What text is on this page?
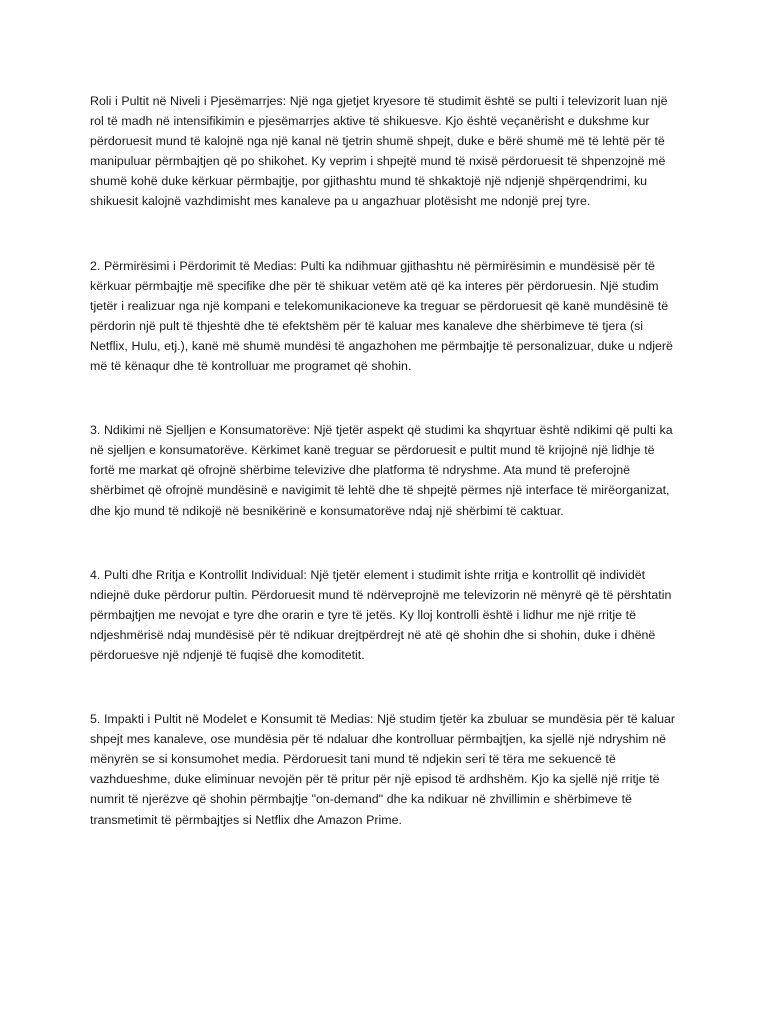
Roli i Pultit në Niveli i Pjesëmarrjes: Një nga gjetjet kryesore të studimit është se pulti i televizorit luan një rol të madh në intensifikimin e pjesëmarrjes aktive të shikuesve. Kjo është veçanërisht e dukshme kur përdoruesit mund të kalojnë nga një kanal në tjetrin shumë shpejt, duke e bërë shumë më të lehtë për të manipuluar përmbajtjen që po shikohet. Ky veprim i shpejtë mund të nxisë përdoruesit të shpenzojnë më shumë kohë duke kërkuar përmbajtje, por gjithashtu mund të shkaktojë një ndjenjë shpërqendrimi, ku shikuesit kalojnë vazhdimisht mes kanaleve pa u angazhuar plotësisht me ndonjë prej tyre.

2. Përmirësimi i Përdorimit të Medias: Pulti ka ndihmuar gjithashtu në përmirësimin e mundësisë për të kërkuar përmbajtje më specifike dhe për të shikuar vetëm atë që ka interes për përdoruesin. Një studim tjetër i realizuar nga një kompani e telekomunikacioneve ka treguar se përdoruesit që kanë mundësinë të përdorin një pult të thjeshtë dhe të efektshëm për të kaluar mes kanaleve dhe shërbimeve të tjera (si Netflix, Hulu, etj.), kanë më shumë mundësi të angazhohen me përmbajtje të personalizuar, duke u ndjerë më të kënaqur dhe të kontrolluar me programet që shohin.

3. Ndikimi në Sjelljen e Konsumatorëve: Një tjetër aspekt që studimi ka shqyrtuar është ndikimi që pulti ka në sjelljen e konsumatorëve. Kërkimet kanë treguar se përdoruesit e pultit mund të krijojnë një lidhje të fortë me markat që ofrojnë shërbime televizive dhe platforma të ndryshme. Ata mund të preferojnë shërbimet që ofrojnë mundësinë e navigimit të lehtë dhe të shpejtë përmes një interface të mirëorganizat, dhe kjo mund të ndikojë në besnikërinë e konsumatorëve ndaj një shërbimi të caktuar.

4. Pulti dhe Rritja e Kontrollit Individual: Një tjetër element i studimit ishte rritja e kontrollit që individët ndiejnë duke përdorur pultin. Përdoruesit mund të ndërveprojnë me televizorin në mënyrë që të përshtatin përmbajtjen me nevojat e tyre dhe orarin e tyre të jetës. Ky lloj kontrolli është i lidhur me një rritje të ndjeshmërisë ndaj mundësisë për të ndikuar drejtpërdrejt në atë që shohin dhe si shohin, duke i dhënë përdoruesve një ndjenjë të fuqisë dhe komoditetit.

5. Impakti i Pultit në Modelet e Konsumit të Medias: Një studim tjetër ka zbuluar se mundësia për të kaluar shpejt mes kanaleve, ose mundësia për të ndaluar dhe kontrolluar përmbajtjen, ka sjellë një ndryshim në mënyrën se si konsumohet media. Përdoruesit tani mund të ndjekin seri të tëra me sekuencë të vazhdueshme, duke eliminuar nevojën për të pritur për një episod të ardhshëm. Kjo ka sjellë një rritje të numrit të njerëzve që shohin përmbajtje "on-demand" dhe ka ndikuar në zhvillimin e shërbimeve të transmetimit të përmbajtjes si Netflix dhe Amazon Prime.
